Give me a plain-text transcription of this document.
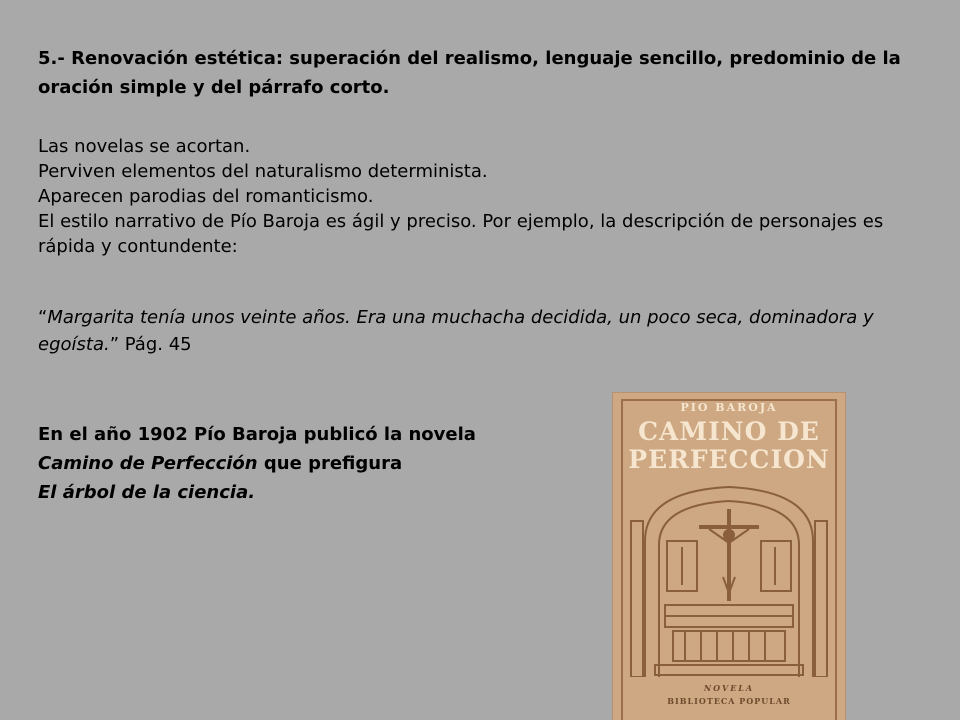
5.- Renovación estética: superación del realismo, lenguaje sencillo, predominio de la oración simple y del párrafo corto.

Las novelas se acortan.

Perviven elementos del naturalismo determinista.

Aparecen parodias del romanticismo.

El estilo narrativo de Pío Baroja es ágil y preciso. Por ejemplo, la descripción de personajes es rápida y contundente:

“Margarita tenía unos veinte años. Era una muchacha decidida, un poco seca, dominadora y egoísta.” Pág. 45

En el año 1902 Pío Baroja publicó la novela

Camino de Perfección que prefigura

El árbol de la ciencia.

PIO BAROJA
CAMINO DE
PERFECCION
NOVELA
BIBLIOTECA POPULAR
